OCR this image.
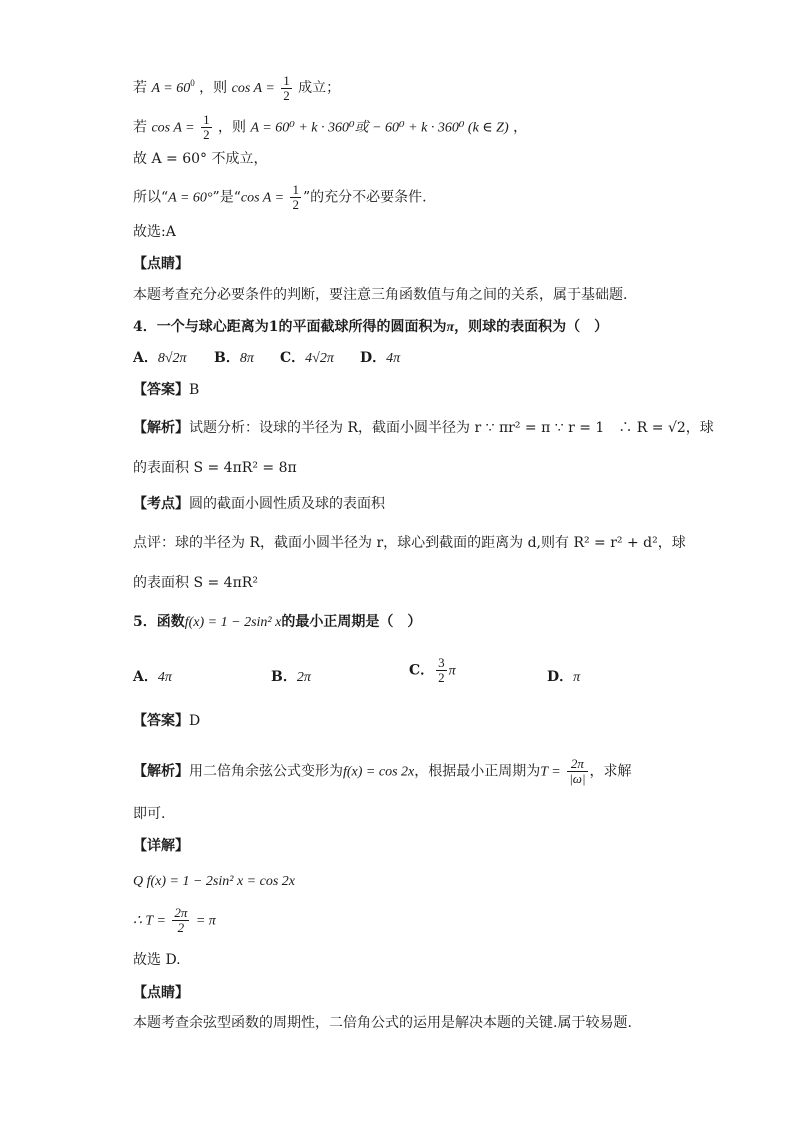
若 $A = 60^0$ ，则 $\cos A = \frac{1}{2}$ 成立；
若 $\cos A = \frac{1}{2}$ ，则 A = 60⁰ + k · 360⁰或 − 60⁰ + k · 360⁰ (k ∈ Z) ，
故 A = 60° 不成立，
所以“A = 60°”是“cos $A = \frac{1}{2}$ ”的充分不必要条件.
故选:A
【点睛】
本题考查充分必要条件的判断，要注意三角函数值与角之间的关系，属于基础题.
4．一个与球心距离为1的平面截球所得的圆面积为π，则球的表面积为（　）
A．8√2π B．8π C．4√2π D．4π
【答案】B
【解析】试题分析：设球的半径为 R，截面小圆半径为 r ∵ πr² = π ∵ r = 1　∴ R = √2，球
的表面积 S = 4πR² = 8π
【考点】圆的截面小圆性质及球的表面积
点评：球的半径为 R，截面小圆半径为 r，球心到截面的距离为 d,则有 R² = r² + d²，球
的表面积 S = 4πR²
5．函数f(x) = 1 − 2sin² x的最小正周期是（　）
A．4π	B．2π	C． $\frac{3}{2}$ π	D．π
【答案】D
【解析】用二倍角余弦公式变形为f(x) = cos 2x，根据最小正周期为$T = \frac{2\pi}{|\omega|}$ ，求解
即可.
【详解】
Q f(x) = 1 − 2sin² x = cos 2x
∴ $T = \frac{2\pi}{2} = \pi$
故选 D.
【点睛】
本题考查余弦型函数的周期性，二倍角公式的运用是解决本题的关键.属于较易题.
